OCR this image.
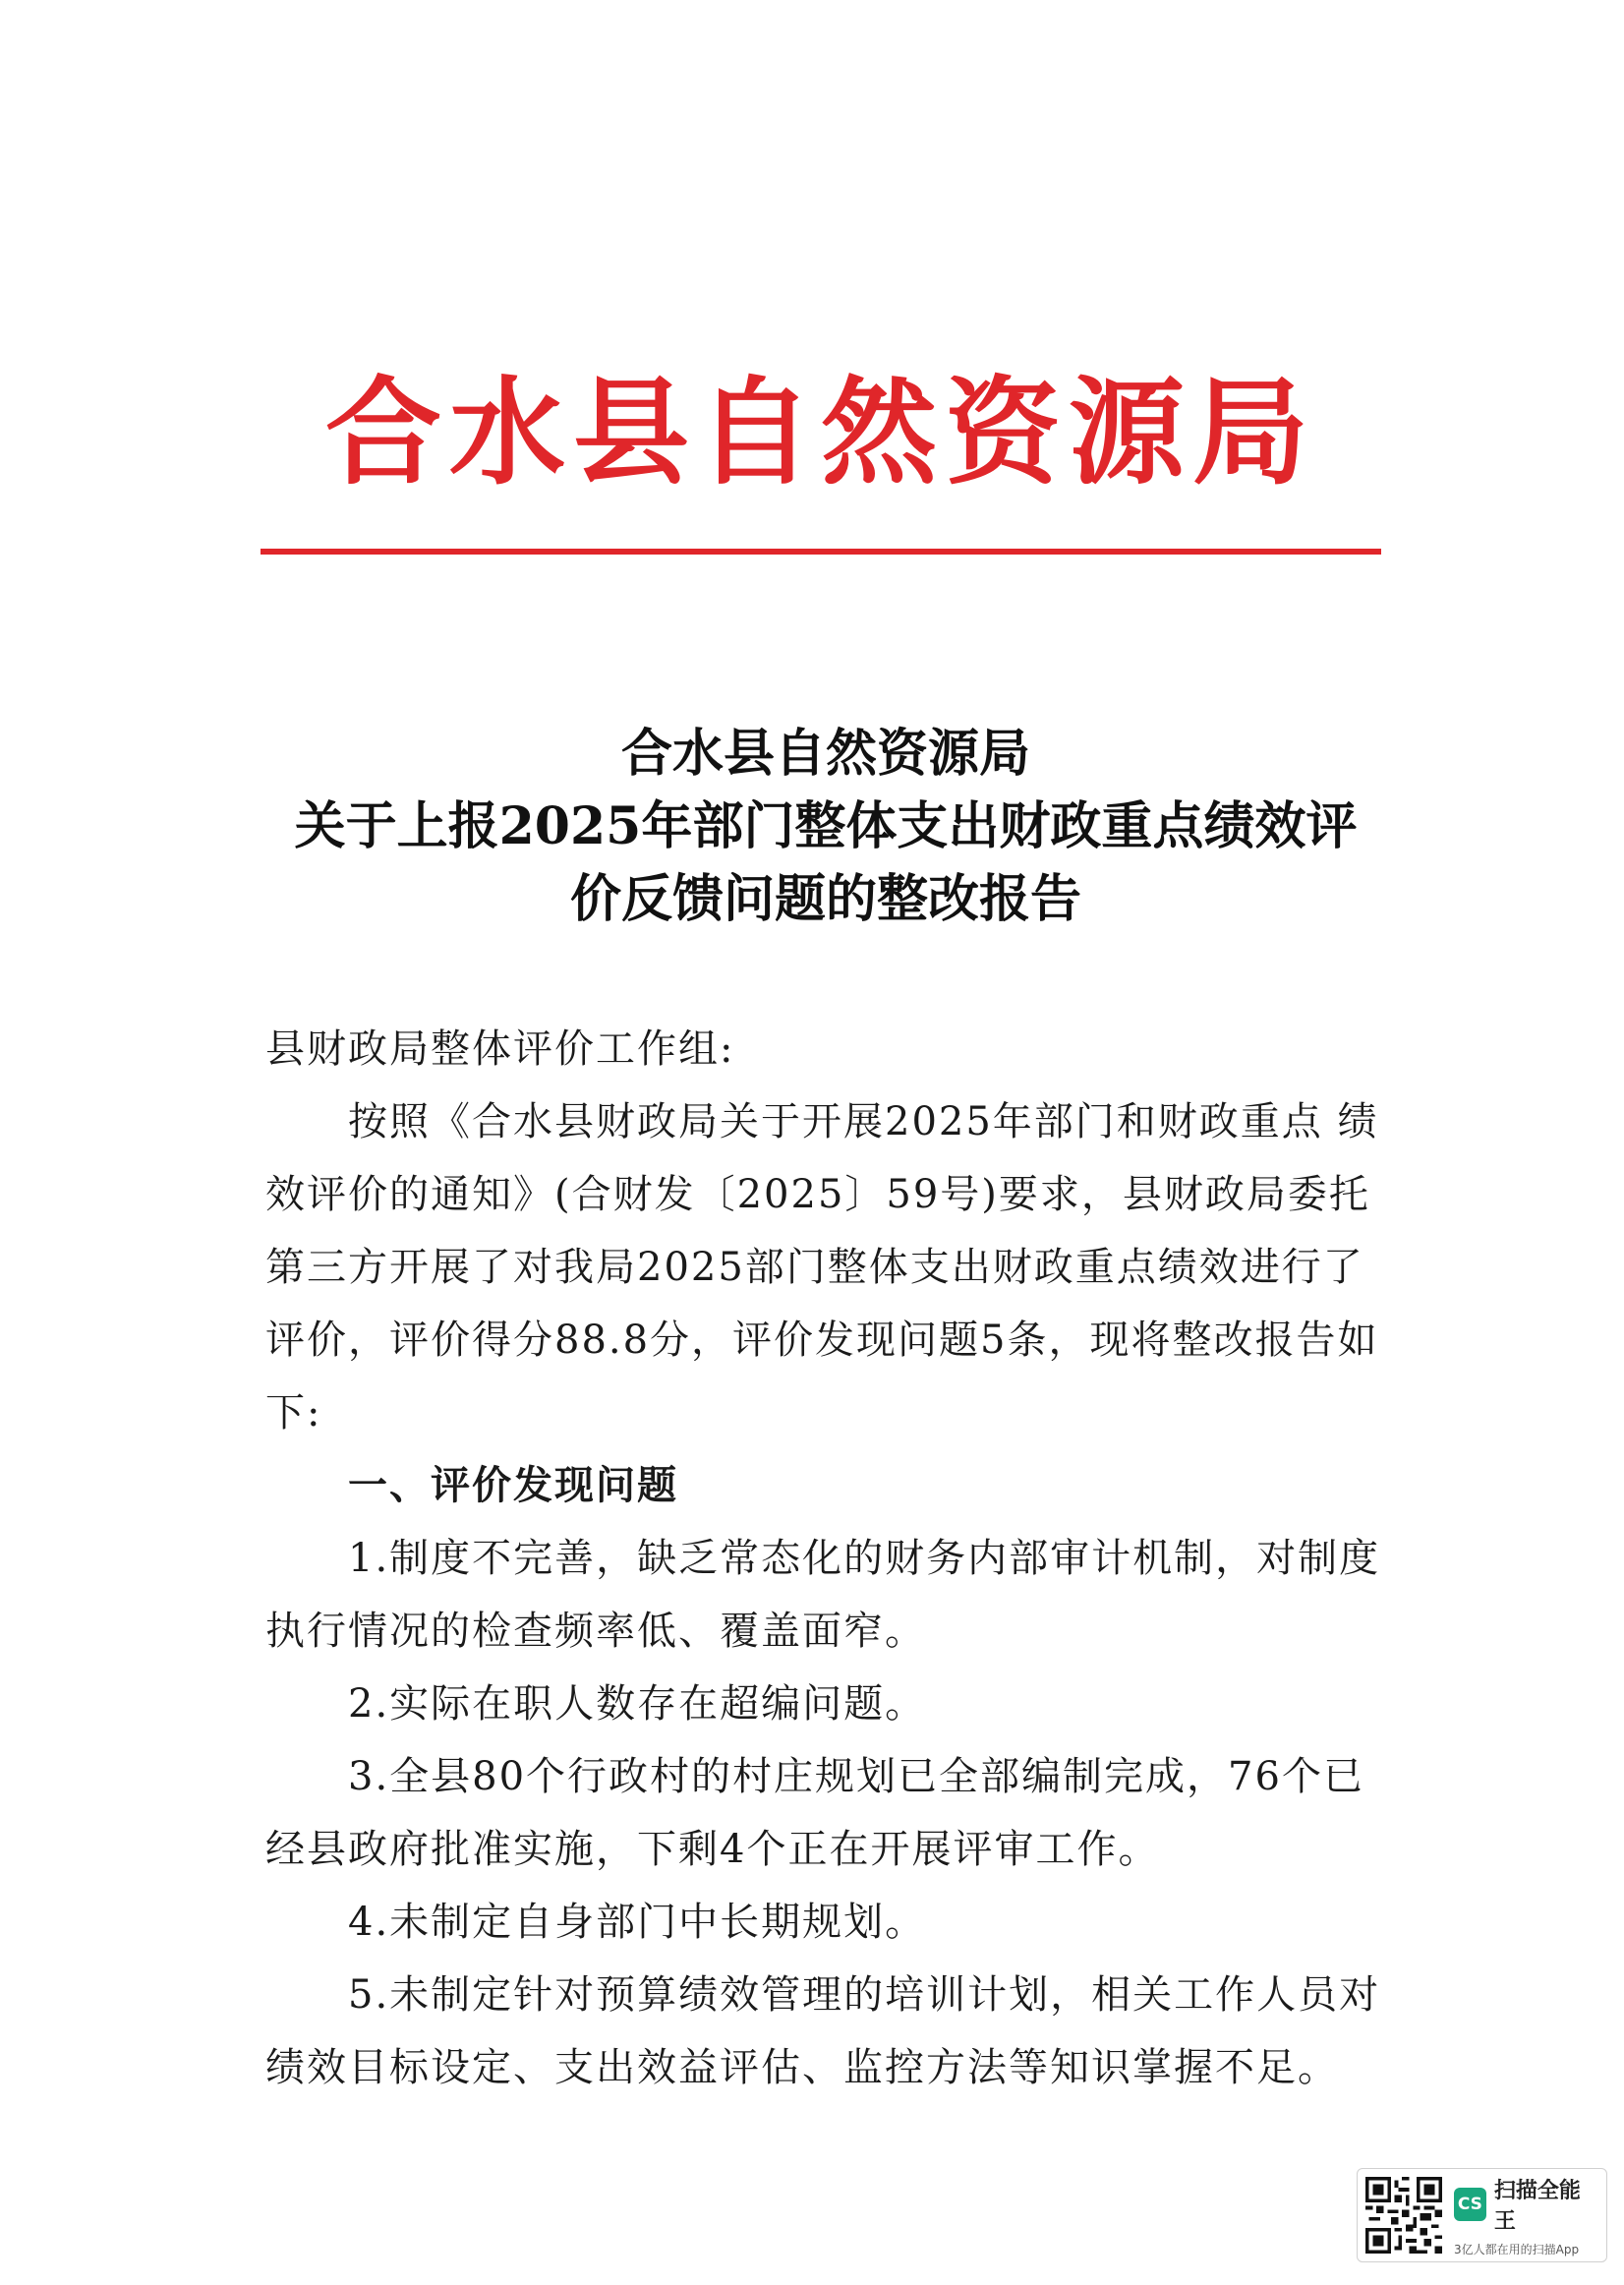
合水县自然资源局
合水县自然资源局
关于上报2025年部门整体支出财政重点绩效评
价反馈问题的整改报告

县财政局整体评价工作组:

按照《合水县财政局关于开展2025年部门和财政重点 绩效评价的通知》(合财发〔2025〕59号)要求，县财政局委托第三方开展了对我局2025部门整体支出财政重点绩效进行了评价，评价得分88.8分，评价发现问题5条，现将整改报告如下:

一、评价发现问题

1.制度不完善，缺乏常态化的财务内部审计机制，对制度执行情况的检查频率低、覆盖面窄。

2.实际在职人数存在超编问题。

3.全县80个行政村的村庄规划已全部编制完成，76个已经县政府批准实施，下剩4个正在开展评审工作。

4.未制定自身部门中长期规划。

5.未制定针对预算绩效管理的培训计划，相关工作人员对绩效目标设定、支出效益评估、监控方法等知识掌握不足。

CS
扫描全能王
3亿人都在用的扫描App
